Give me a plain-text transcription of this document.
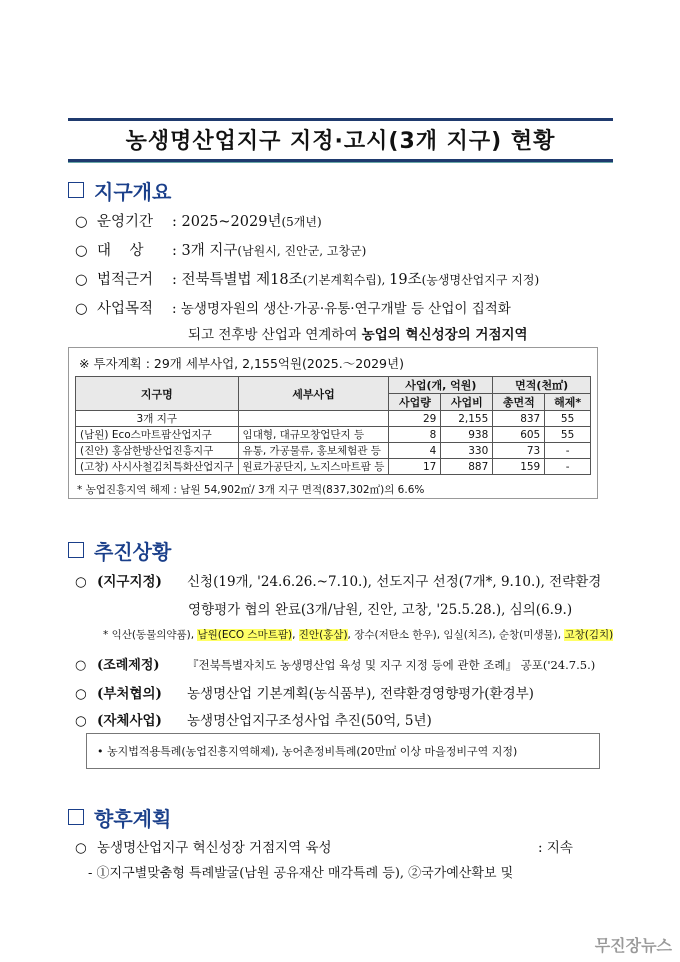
농생명산업지구 지정·고시(3개 지구) 현황
지구개요
○ 운영기간 : 2025~2029년(5개년)
○ 대    상 : 3개 지구(남원시, 진안군, 고창군)
○ 법적근거 : 전북특별법 제18조(기본계획수립), 19조(농생명산업지구 지정)
○ 사업목적 : 농생명자원의 생산·가공·유통·연구개발 등 산업이 집적화
되고 전후방 산업과 연계하여 농업의 혁신성장의 거점지역
※ 투자계획 : 29개 세부사업, 2,155억원(2025.～2029년)
지구명	세부사업	사업(개, 억원)		면적(천㎡)	
		사업량	사업비	총면적	해제*
3개 지구		29	2,155	837	55
(남원) Eco스마트팜산업지구	임대형, 대규모창업단지 등	8	938	605	55
(진안) 홍삼한방산업진흥지구	유통, 가공물류, 홍보체험관 등	4	330	73	-
(고창) 사시사철김치특화산업지구	원료가공단지, 노지스마트팜 등	17	887	159	-
* 농업진흥지역 해제 : 남원 54,902㎡/ 3개 지구 면적(837,302㎡)의 6.6%
추진상황
○ (지구지정) 신청(19개, '24.6.26.~7.10.), 선도지구 선정(7개*, 9.10.), 전략환경
영향평가 협의 완료(3개/남원, 진안, 고창, '25.5.28.), 심의(6.9.)
* 익산(동물의약품), 남원(ECO 스마트팜), 진안(홍삼), 장수(저탄소 한우), 임실(치즈), 순창(미생물), 고창(김치)
○ (조례제정) 『전북특별자치도 농생명산업 육성 및 지구 지정 등에 관한 조례』 공포('24.7.5.)
○ (부처협의) 농생명산업 기본계획(농식품부), 전략환경영향평가(환경부)
○ (자체사업) 농생명산업지구조성사업 추진(50억, 5년)
• 농지법적용특례(농업진흥지역해제), 농어촌정비특례(20만㎡ 이상 마을정비구역 지정)
향후계획
○ 농생명산업지구 혁신성장 거점지역 육성	: 지속
- ①지구별맞춤형 특례발굴(남원 공유재산 매각특례 등), ②국가예산확보 및
무진장뉴스
